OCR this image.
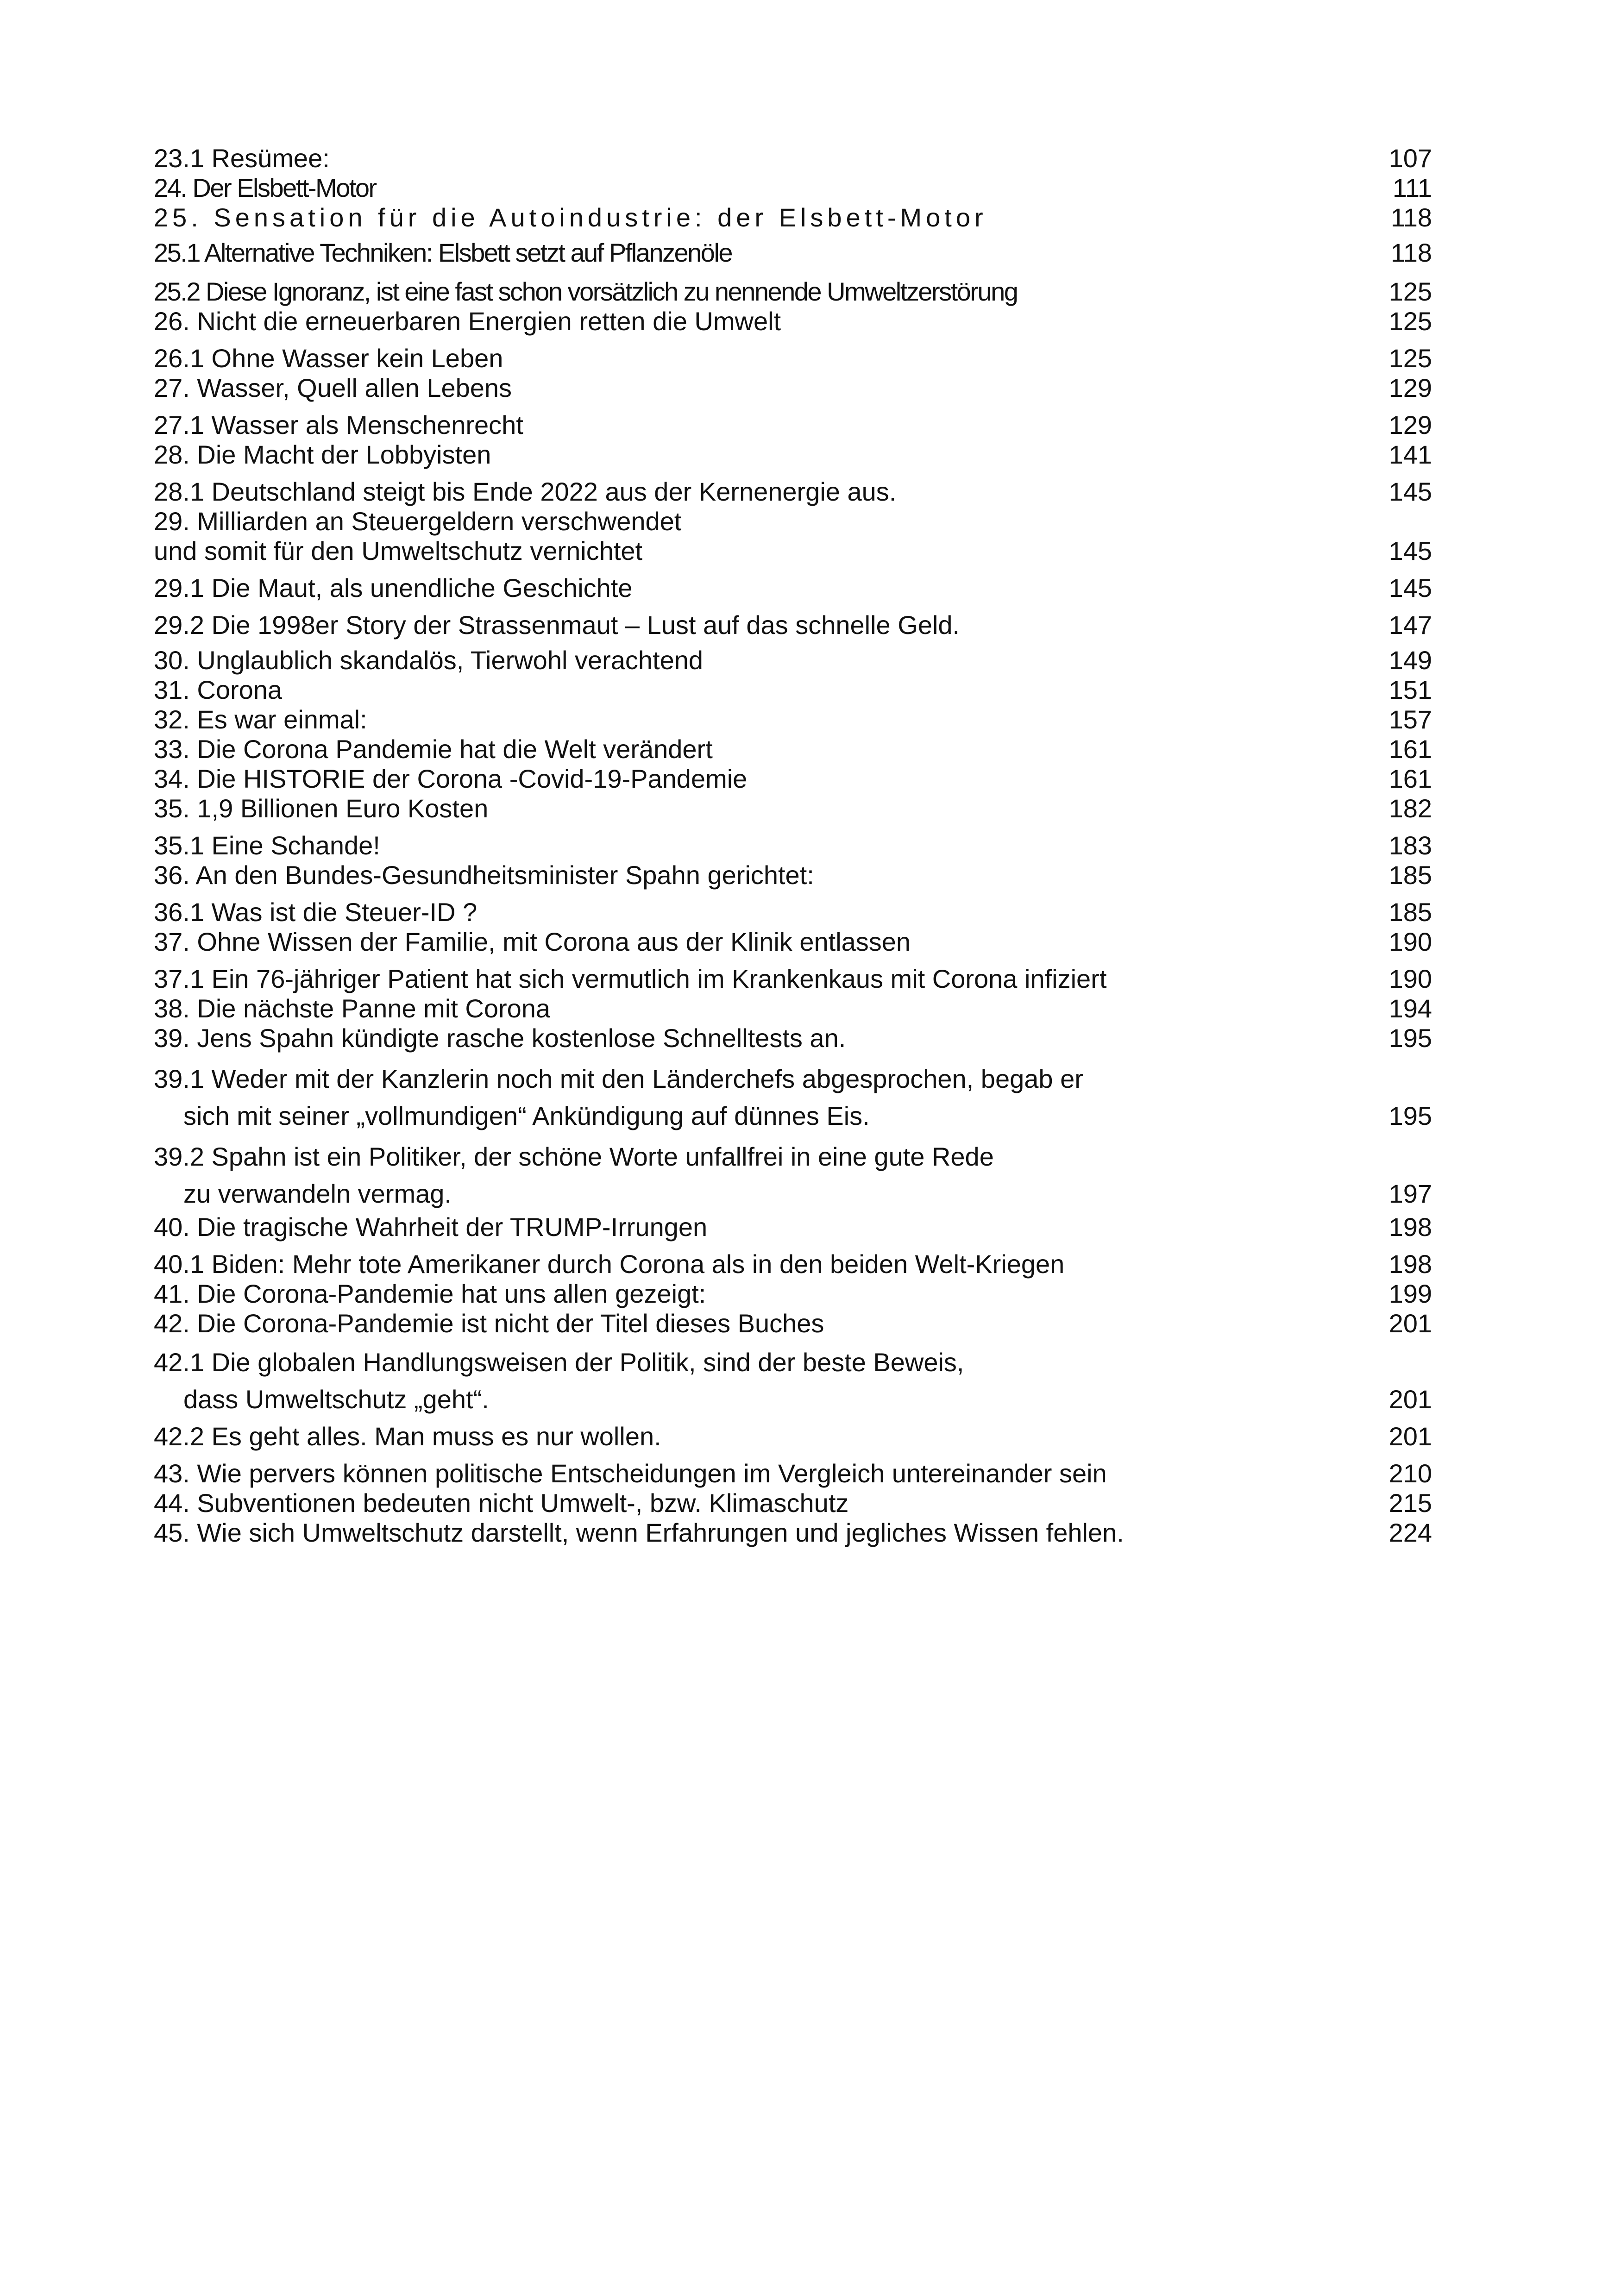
23.1 Resümee:	107
24. Der Elsbett-Motor	111
25. Sensation für die Autoindustrie: der Elsbett-Motor	118
25.1 Alternative Techniken: Elsbett setzt auf Pflanzenöle	118
25.2 Diese Ignoranz, ist eine fast schon vorsätzlich zu nennende Umweltzerstörung	125
26. Nicht die erneuerbaren Energien retten die Umwelt	125
26.1 Ohne Wasser kein Leben	125
27. Wasser, Quell allen Lebens	129
27.1 Wasser als Menschenrecht	129
28. Die Macht der Lobbyisten	141
28.1 Deutschland steigt bis Ende 2022 aus der Kernenergie aus.	145
29. Milliarden an Steuergeldern verschwendet
und somit für den Umweltschutz vernichtet	145
29.1 Die Maut, als unendliche Geschichte	145
29.2 Die 1998er Story der Strassenmaut – Lust auf das schnelle Geld.	147
30. Unglaublich skandalös, Tierwohl verachtend	149
31. Corona	151
32. Es war einmal:	157
33. Die Corona Pandemie hat die Welt verändert	161
34. Die HISTORIE der Corona -Covid-19-Pandemie	161
35. 1,9 Billionen Euro Kosten	182
35.1 Eine Schande!	183
36. An den Bundes-Gesundheitsminister Spahn gerichtet:	185
36.1 Was ist die Steuer-ID ?	185
37. Ohne Wissen der Familie, mit Corona aus der Klinik entlassen	190
37.1 Ein 76-jähriger Patient hat sich vermutlich im Krankenkaus mit Corona infiziert	190
38. Die nächste Panne mit Corona	194
39. Jens Spahn kündigte rasche kostenlose Schnelltests an.	195
39.1 Weder mit der Kanzlerin noch mit den Länderchefs abgesprochen, begab er
sich mit seiner „vollmundigen“ Ankündigung auf dünnes Eis.	195
39.2 Spahn ist ein Politiker, der schöne Worte unfallfrei in eine gute Rede
zu verwandeln vermag.	197
40. Die tragische Wahrheit der TRUMP-Irrungen	198
40.1 Biden: Mehr tote Amerikaner durch Corona als in den beiden Welt-Kriegen	198
41. Die Corona-Pandemie hat uns allen gezeigt:	199
42. Die Corona-Pandemie ist nicht der Titel dieses Buches	201
42.1 Die globalen Handlungsweisen der Politik, sind der beste Beweis,
dass Umweltschutz „geht“.	201
42.2 Es geht alles. Man muss es nur wollen.	201
43. Wie pervers können politische Entscheidungen im Vergleich untereinander sein	210
44. Subventionen bedeuten nicht Umwelt-, bzw. Klimaschutz	215
45. Wie sich Umweltschutz darstellt, wenn Erfahrungen und jegliches Wissen fehlen.	224
